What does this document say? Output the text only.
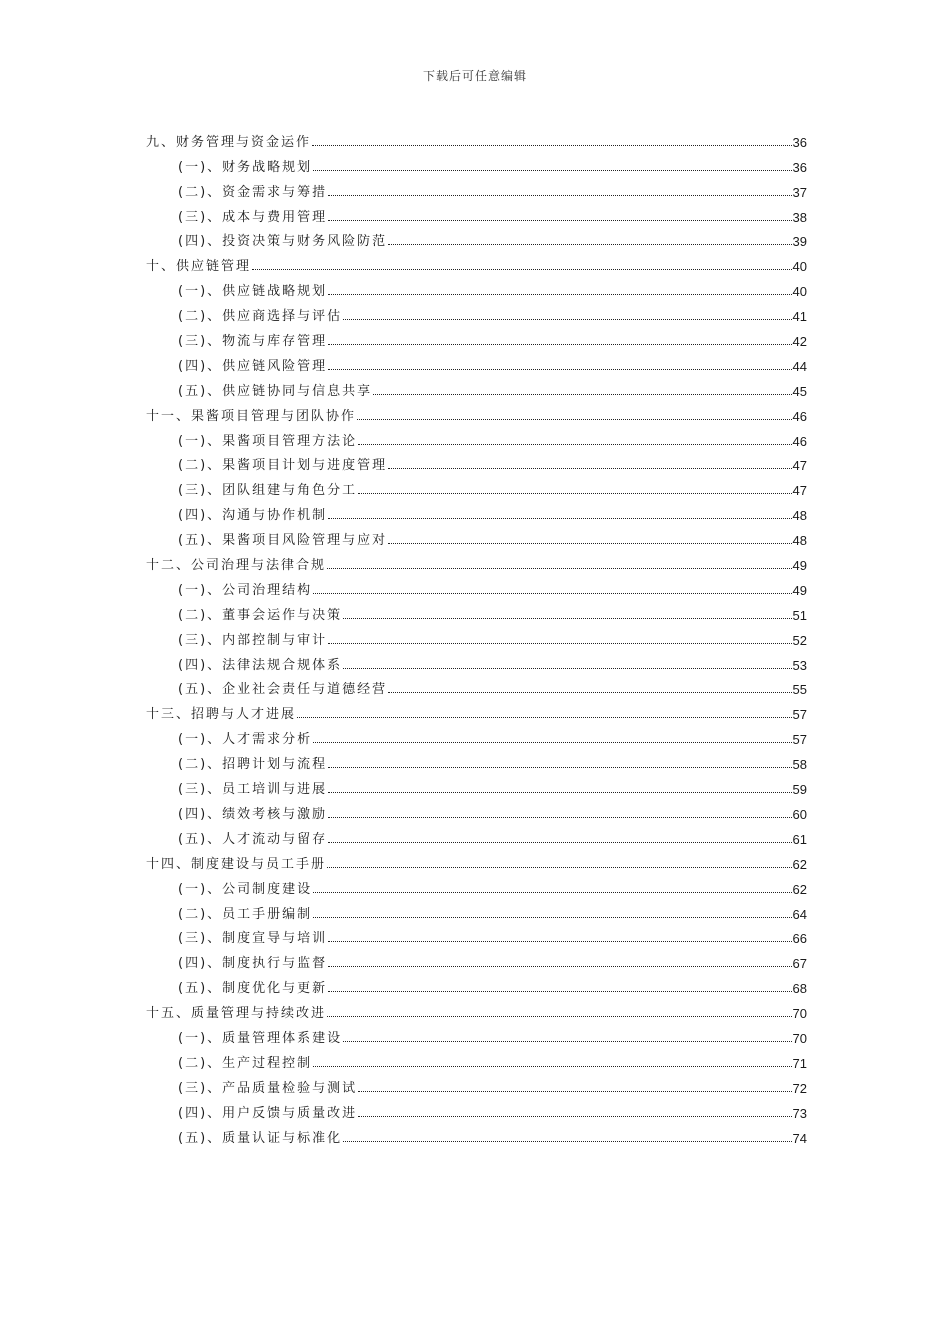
下载后可任意编辑
九、财务管理与资金运作	36
(一)、财务战略规划	36
(二)、资金需求与筹措	37
(三)、成本与费用管理	38
(四)、投资决策与财务风险防范	39
十、供应链管理	40
(一)、供应链战略规划	40
(二)、供应商选择与评估	41
(三)、物流与库存管理	42
(四)、供应链风险管理	44
(五)、供应链协同与信息共享	45
十一、果酱项目管理与团队协作	46
(一)、果酱项目管理方法论	46
(二)、果酱项目计划与进度管理	47
(三)、团队组建与角色分工	47
(四)、沟通与协作机制	48
(五)、果酱项目风险管理与应对	48
十二、公司治理与法律合规	49
(一)、公司治理结构	49
(二)、董事会运作与决策	51
(三)、内部控制与审计	52
(四)、法律法规合规体系	53
(五)、企业社会责任与道德经营	55
十三、招聘与人才进展	57
(一)、人才需求分析	57
(二)、招聘计划与流程	58
(三)、员工培训与进展	59
(四)、绩效考核与激励	60
(五)、人才流动与留存	61
十四、制度建设与员工手册	62
(一)、公司制度建设	62
(二)、员工手册编制	64
(三)、制度宣导与培训	66
(四)、制度执行与监督	67
(五)、制度优化与更新	68
十五、质量管理与持续改进	70
(一)、质量管理体系建设	70
(二)、生产过程控制	71
(三)、产品质量检验与测试	72
(四)、用户反馈与质量改进	73
(五)、质量认证与标准化	74
